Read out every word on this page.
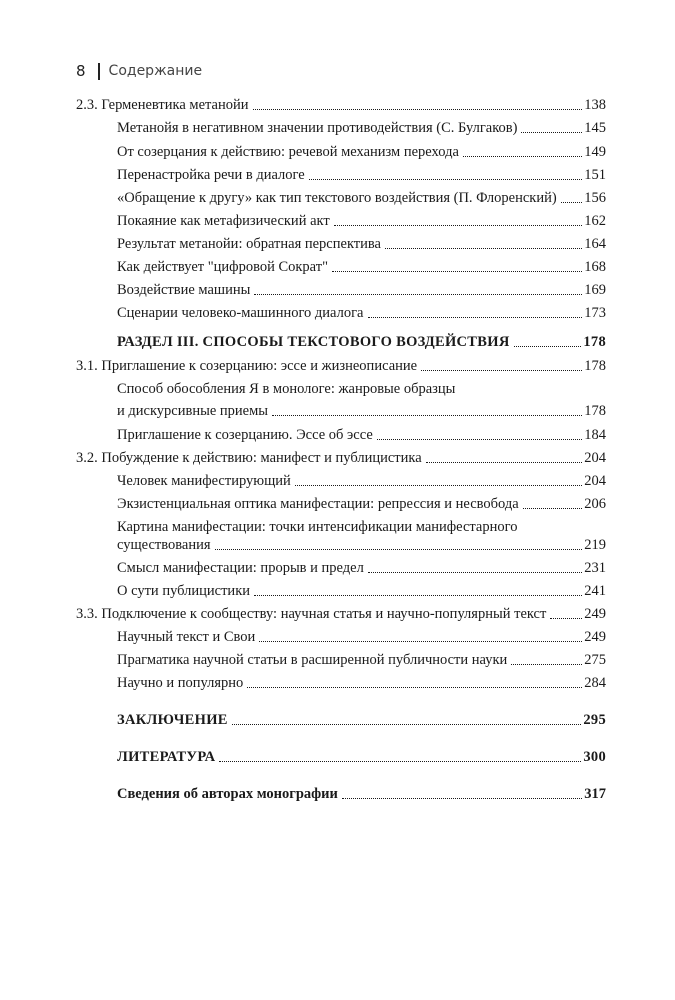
8 Содержание
2.3. Герменевтика метанойи	138
Метанойя в негативном значении противодействия (С. Булгаков)	145
От созерцания к действию: речевой механизм перехода	149
Перенастройка речи в диалоге	151
«Обращение к другу» как тип текстового воздействия (П. Флоренский) 156
Покаяние как метафизический акт	162
Результат метанойи: обратная перспектива	164
Как действует "цифровой Сократ"	168
Воздействие машины	169
Сценарии человеко-машинного диалога	173
РАЗДЕЛ III. СПОСОБЫ ТЕКСТОВОГО ВОЗДЕЙСТВИЯ	178
3.1. Приглашение к созерцанию: эссе и жизнеописание	178
Способ обособления Я в монологе: жанровые образцы
и дискурсивные приемы	178
Приглашение к созерцанию. Эссе об эссе	184
3.2. Побуждение к действию: манифест и публицистика	204
Человек манифестирующий	204
Экзистенциальная оптика манифестации: репрессия и несвобода	206
Картина манифестации: точки интенсификации манифестарного
существования	219
Смысл манифестации: прорыв и предел	231
О сути публицистики	241
3.3. Подключение к сообществу: научная статья и научно-популярный текст	249
Научный текст и Свои	249
Прагматика научной статьи в расширенной публичности науки	275
Научно и популярно	284
ЗАКЛЮЧЕНИЕ	295
ЛИТЕРАТУРА	300
Сведения об авторах монографии	317
